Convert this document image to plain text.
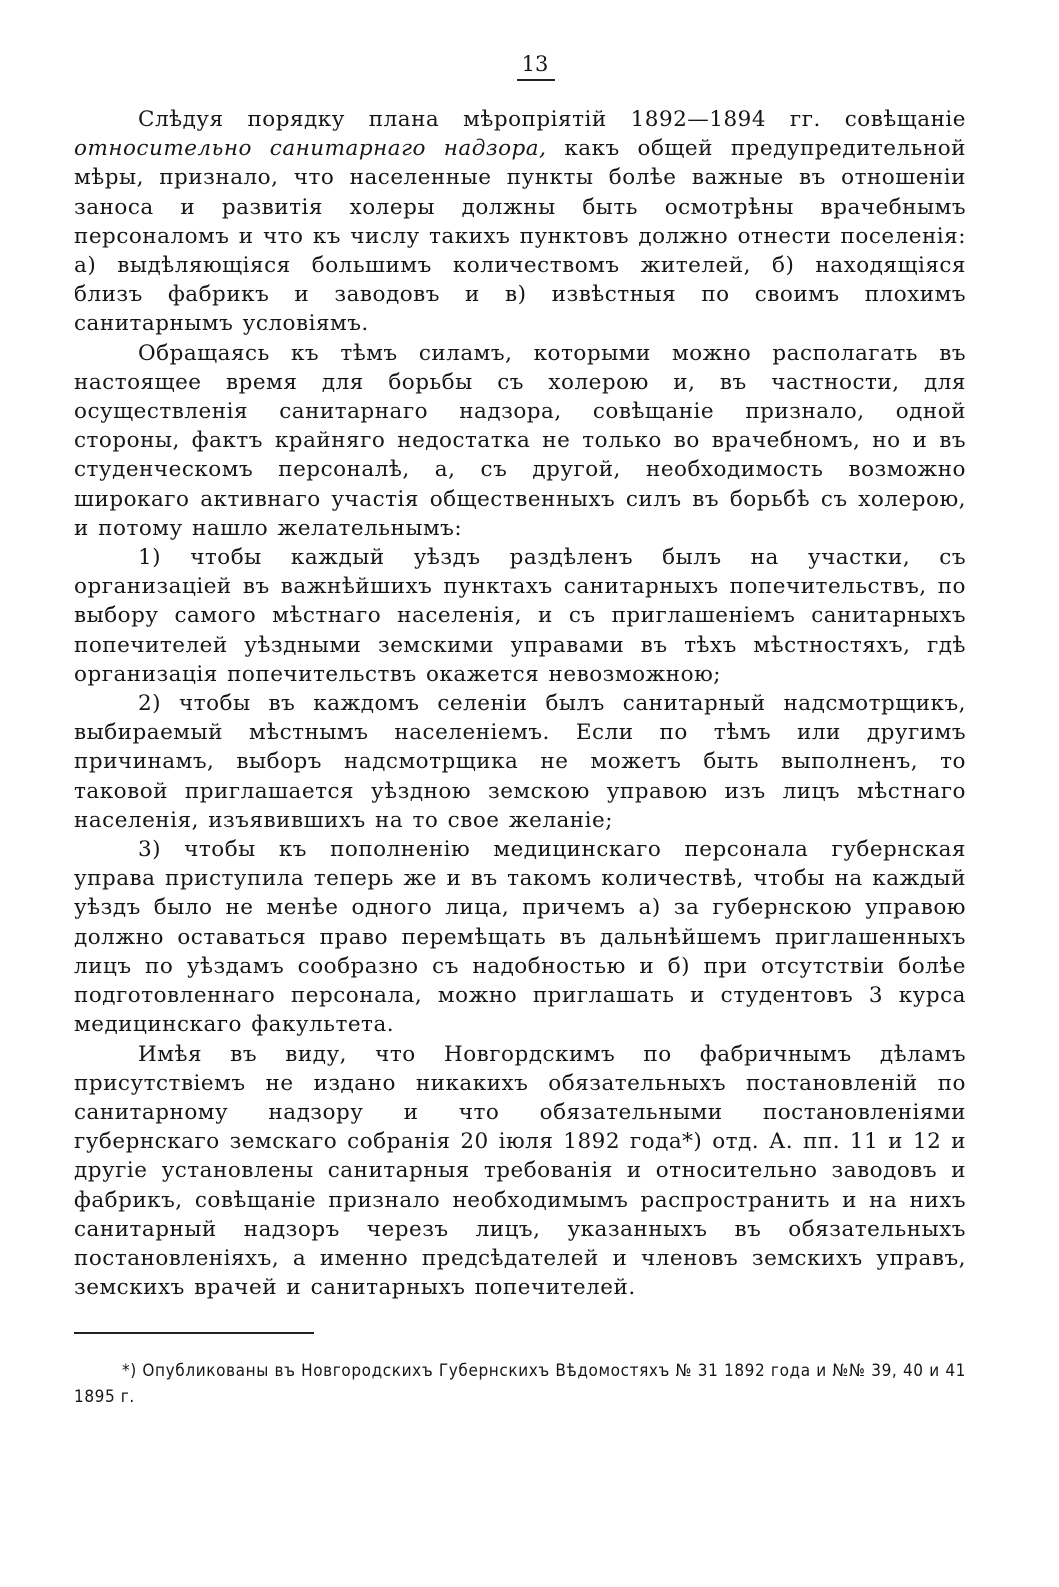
13

Слѣдуя порядку плана мѣропріятій 1892—1894 гг. совѣщаніе относительно санитарнаго надзора, какъ общей предупредительной мѣры, признало, что населенные пункты болѣе важные въ отношеніи заноса и развитія холеры должны быть осмотрѣны врачебнымъ персоналомъ и что къ числу такихъ пунктовъ должно отнести поселенія: а) выдѣляющіяся большимъ количествомъ жителей, б) находящіяся близъ фабрикъ и заводовъ и в) извѣстныя по своимъ плохимъ санитарнымъ условіямъ.

Обращаясь къ тѣмъ силамъ, которыми можно располагать въ настоящее время для борьбы съ холерою и, въ частности, для осуществленія санитарнаго надзора, совѣщаніе признало, одной стороны, фактъ крайняго недостатка не только во врачебномъ, но и въ студенческомъ персоналѣ, а, съ другой, необходимость возможно широкаго активнаго участія общественныхъ силъ въ борьбѣ съ холерою, и потому нашло желательнымъ:

1) чтобы каждый уѣздъ раздѣленъ былъ на участки, съ организаціей въ важнѣйшихъ пунктахъ санитарныхъ попечительствъ, по выбору самого мѣстнаго населенія, и съ приглашеніемъ санитарныхъ попечителей уѣздными земскими управами въ тѣхъ мѣстностяхъ, гдѣ организація попечительствъ окажется невозможною;

2) чтобы въ каждомъ селеніи былъ санитарный надсмотрщикъ, выбираемый мѣстнымъ населеніемъ. Если по тѣмъ или другимъ причинамъ, выборъ надсмотрщика не можетъ быть выполненъ, то таковой приглашается уѣздною земскою управою изъ лицъ мѣстнаго населенія, изъявившихъ на то свое желаніе;

3) чтобы къ пополненію медицинскаго персонала губернская управа приступила теперь же и въ такомъ количествѣ, чтобы на каждый уѣздъ было не менѣе одного лица, причемъ а) за губернскою управою должно оставаться право перемѣщать въ дальнѣйшемъ приглашенныхъ лицъ по уѣздамъ сообразно съ надобностью и б) при отсутствіи болѣе подготовленнаго персонала, можно приглашать и студентовъ 3 курса медицинскаго факультета.

Имѣя въ виду, что Новгордскимъ по фабричнымъ дѣламъ присутствіемъ не издано никакихъ обязательныхъ постановленій по санитарному надзору и что обязательными постановленіями губернскаго земскаго собранія 20 іюля 1892 года*) отд. А. пп. 11 и 12 и другіе установлены санитарныя требованія и относительно заводовъ и фабрикъ, совѣщаніе признало необходимымъ распространить и на нихъ санитарный надзоръ черезъ лицъ, указанныхъ въ обязательныхъ постановленіяхъ, а именно предсѣдателей и членовъ земскихъ управъ, земскихъ врачей и санитарныхъ попечителей.

*) Опубликованы въ Новгородскихъ Губернскихъ Вѣдомостяхъ № 31 1892 года и №№ 39, 40 и 41 1895 г.
